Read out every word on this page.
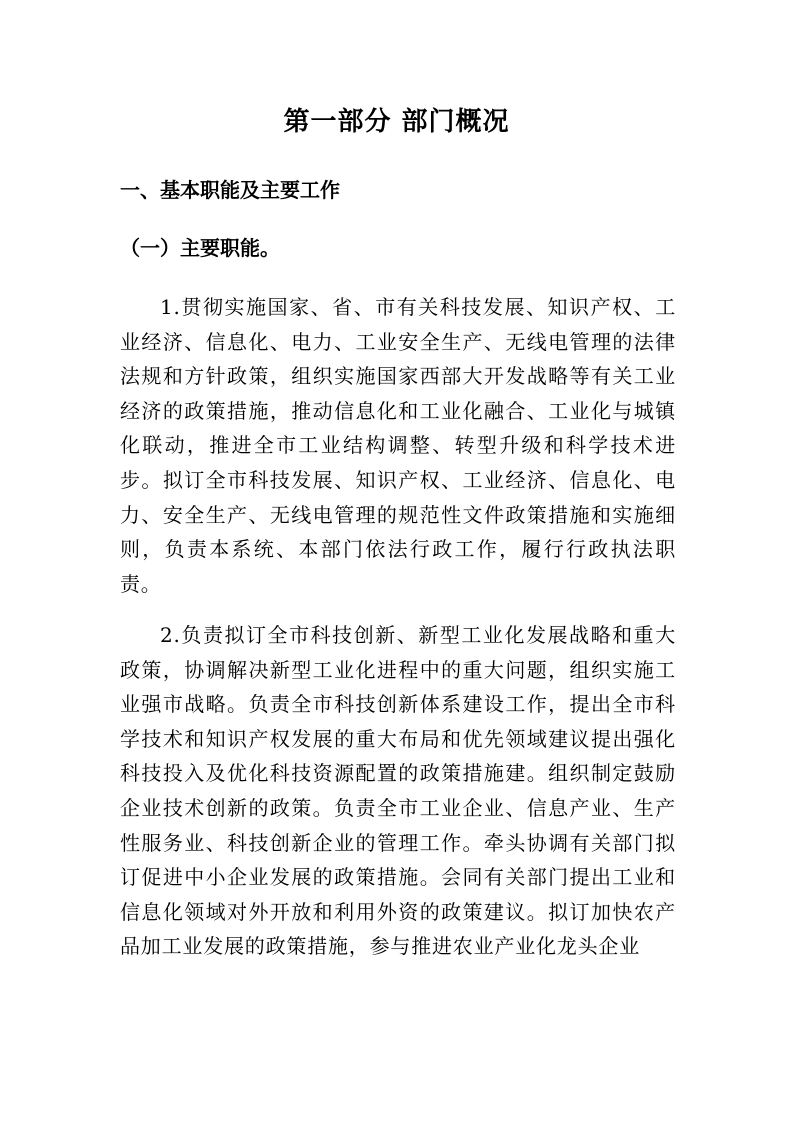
第一部分 部门概况
一、基本职能及主要工作
（一）主要职能。

1.贯彻实施国家、省、市有关科技发展、知识产权、工业经济、信息化、电力、工业安全生产、无线电管理的法律法规和方针政策，组织实施国家西部大开发战略等有关工业经济的政策措施，推动信息化和工业化融合、工业化与城镇化联动，推进全市工业结构调整、转型升级和科学技术进步。拟订全市科技发展、知识产权、工业经济、信息化、电力、安全生产、无线电管理的规范性文件政策措施和实施细则，负责本系统、本部门依法行政工作，履行行政执法职责。

2.负责拟订全市科技创新、新型工业化发展战略和重大政策，协调解决新型工业化进程中的重大问题，组织实施工业强市战略。负责全市科技创新体系建设工作，提出全市科学技术和知识产权发展的重大布局和优先领域建议提出强化科技投入及优化科技资源配置的政策措施建。组织制定鼓励企业技术创新的政策。负责全市工业企业、信息产业、生产性服务业、科技创新企业的管理工作。牵头协调有关部门拟订促进中小企业发展的政策措施。会同有关部门提出工业和信息化领域对外开放和利用外资的政策建议。拟订加快农产品加工业发展的政策措施，参与推进农业产业化龙头企业
